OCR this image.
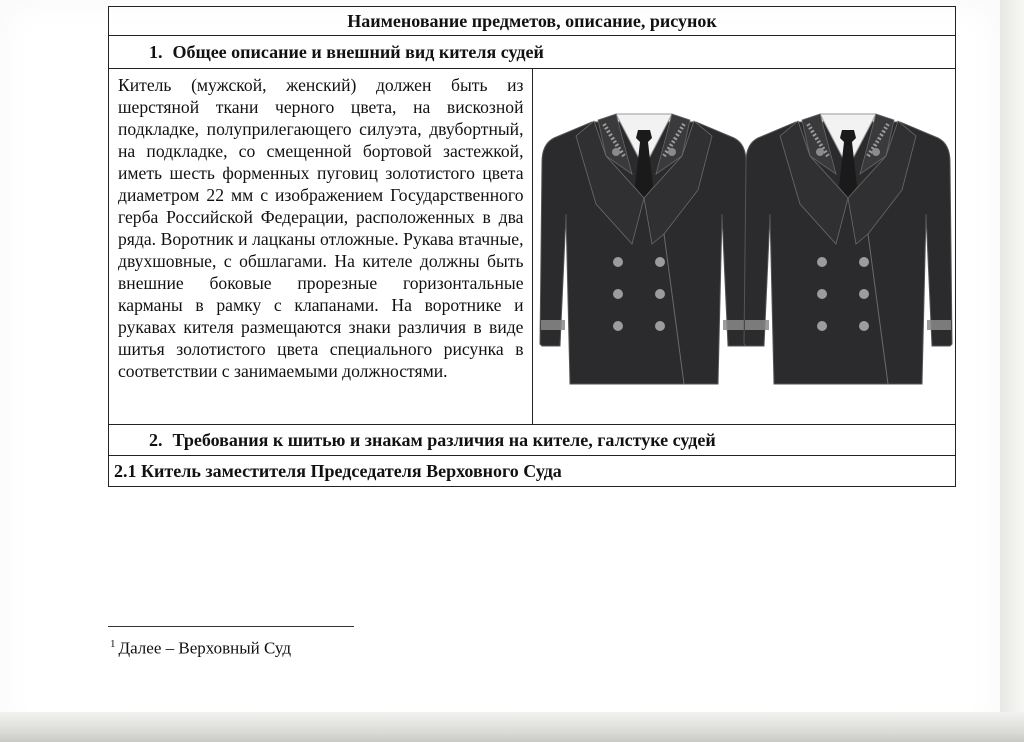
Наименование предметов, описание, рисунок
1. Общее описание и внешний вид кителя судей
Китель (мужской, женский) должен быть из шерстяной ткани черного цвета, на вискозной подкладке, полуприлегающего силуэта, двубортный, на подкладке, со смещенной бортовой застежкой, иметь шесть форменных пуговиц золотистого цвета диаметром 22 мм с изображением Государственного герба Российской Федерации, расположенных в два ряда. Воротник и лацканы отложные. Рукава втачные, двухшовные, с обшлагами. На кителе должны быть внешние боковые прорезные горизонтальные карманы в рамку с клапанами. На воротнике и рукавах кителя размещаются знаки различия в виде шитья золотистого цвета специального рисунка в соответствии с занимаемыми должностями.	
2. Требования к шитью и знакам различия на кителе, галстуке судей
2.1 Китель заместителя Председателя Верховного Суда
$^1$ Далее – Верховный Суд
